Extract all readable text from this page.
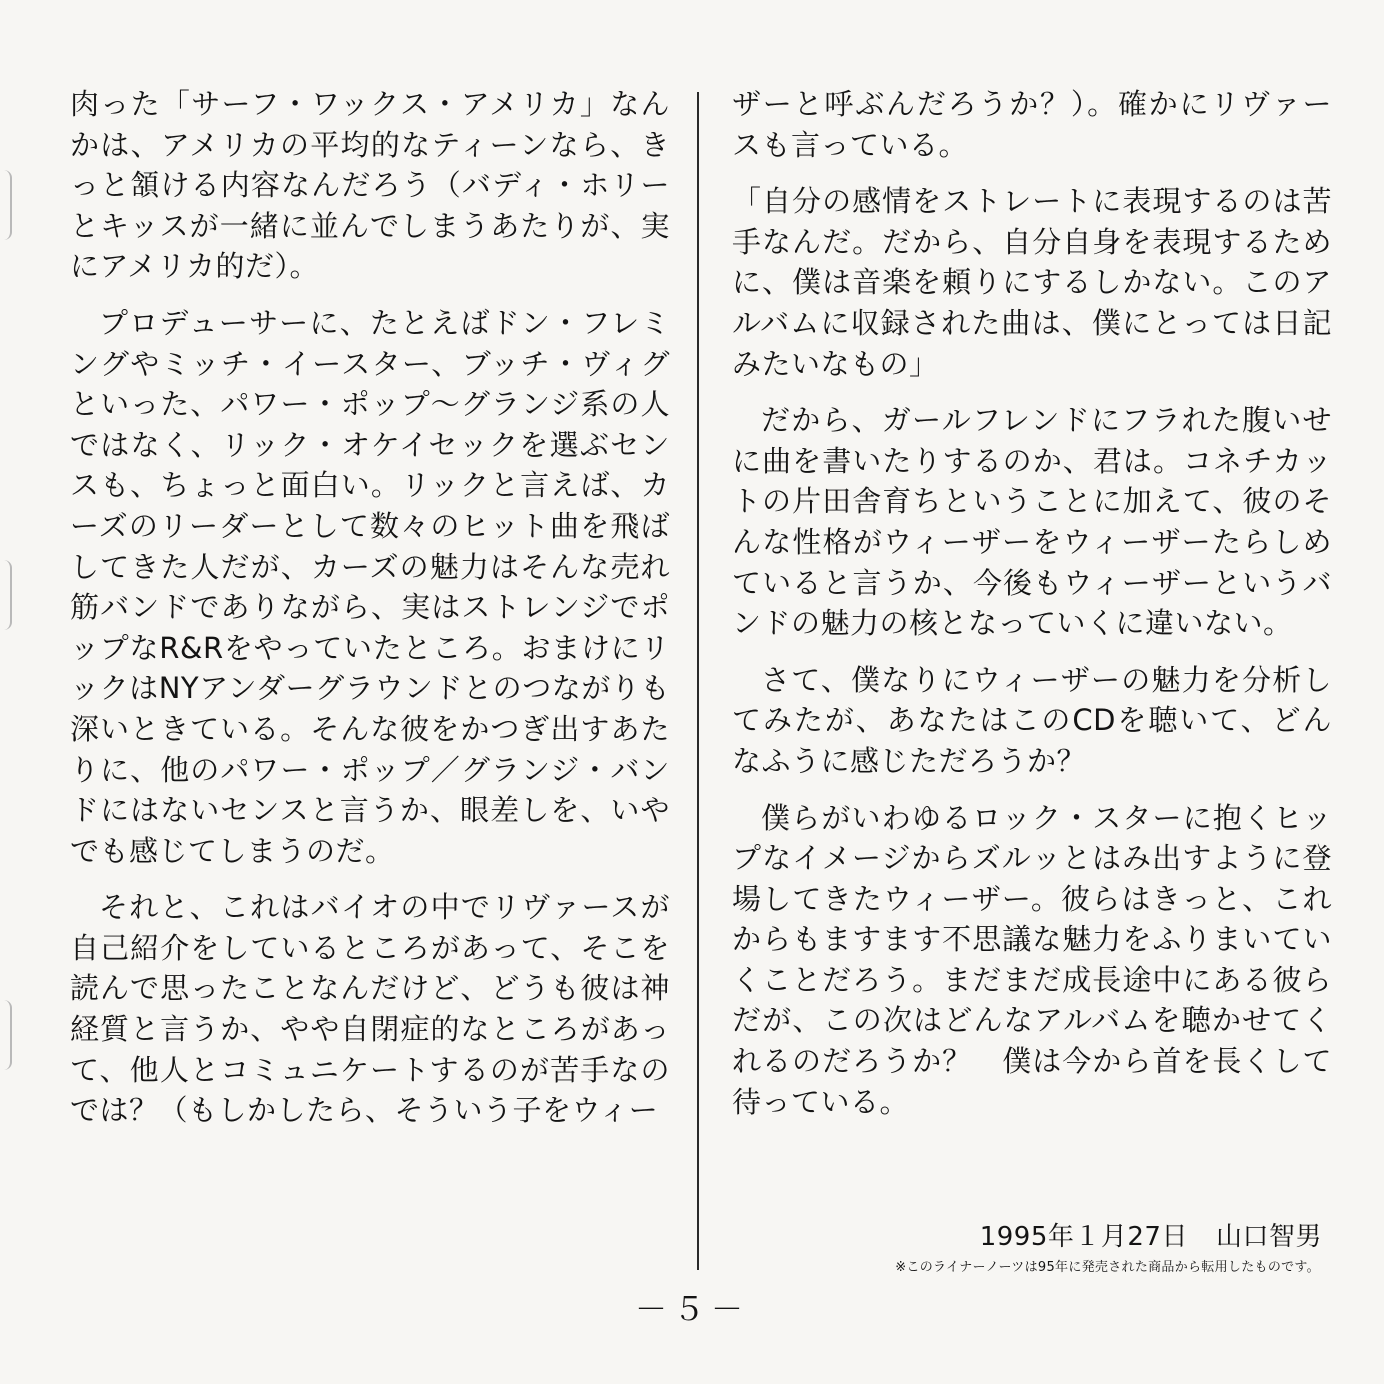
肉った「サーフ・ワックス・アメリカ」なんかは、アメリカの平均的なティーンなら、きっと頷ける内容なんだろう（バディ・ホリーとキッスが一緒に並んでしまうあたりが、実にアメリカ的だ）。

プロデューサーに、たとえばドン・フレミングやミッチ・イースター、ブッチ・ヴィグといった、パワー・ポップ〜グランジ系の人ではなく、リック・オケイセックを選ぶセンスも、ちょっと面白い。リックと言えば、カーズのリーダーとして数々のヒット曲を飛ばしてきた人だが、カーズの魅力はそんな売れ筋バンドでありながら、実はストレンジでポップなR&Rをやっていたところ。おまけにリックはNYアンダーグラウンドとのつながりも深いときている。そんな彼をかつぎ出すあたりに、他のパワー・ポップ／グランジ・バンドにはないセンスと言うか、眼差しを、いやでも感じてしまうのだ。

それと、これはバイオの中でリヴァースが自己紹介をしているところがあって、そこを読んで思ったことなんだけど、どうも彼は神経質と言うか、やや自閉症的なところがあって、他人とコミュニケートするのが苦手なのでは？（もしかしたら、そういう子をウィー

ザーと呼ぶんだろうか？）。確かにリヴァースも言っている。

「自分の感情をストレートに表現するのは苦手なんだ。だから、自分自身を表現するために、僕は音楽を頼りにするしかない。このアルバムに収録された曲は、僕にとっては日記みたいなもの」

だから、ガールフレンドにフラれた腹いせに曲を書いたりするのか、君は。コネチカットの片田舎育ちということに加えて、彼のそんな性格がウィーザーをウィーザーたらしめていると言うか、今後もウィーザーというバンドの魅力の核となっていくに違いない。

さて、僕なりにウィーザーの魅力を分析してみたが、あなたはこのCDを聴いて、どんなふうに感じただろうか？

僕らがいわゆるロック・スターに抱くヒップなイメージからズルッとはみ出すように登場してきたウィーザー。彼らはきっと、これからもますます不思議な魅力をふりまいていくことだろう。まだまだ成長途中にある彼らだが、この次はどんなアルバムを聴かせてくれるのだろうか？　僕は今から首を長くして待っている。

1995年１月27日 山口智男
※このライナーノーツは95年に発売された商品から転用したものです。
－５－
